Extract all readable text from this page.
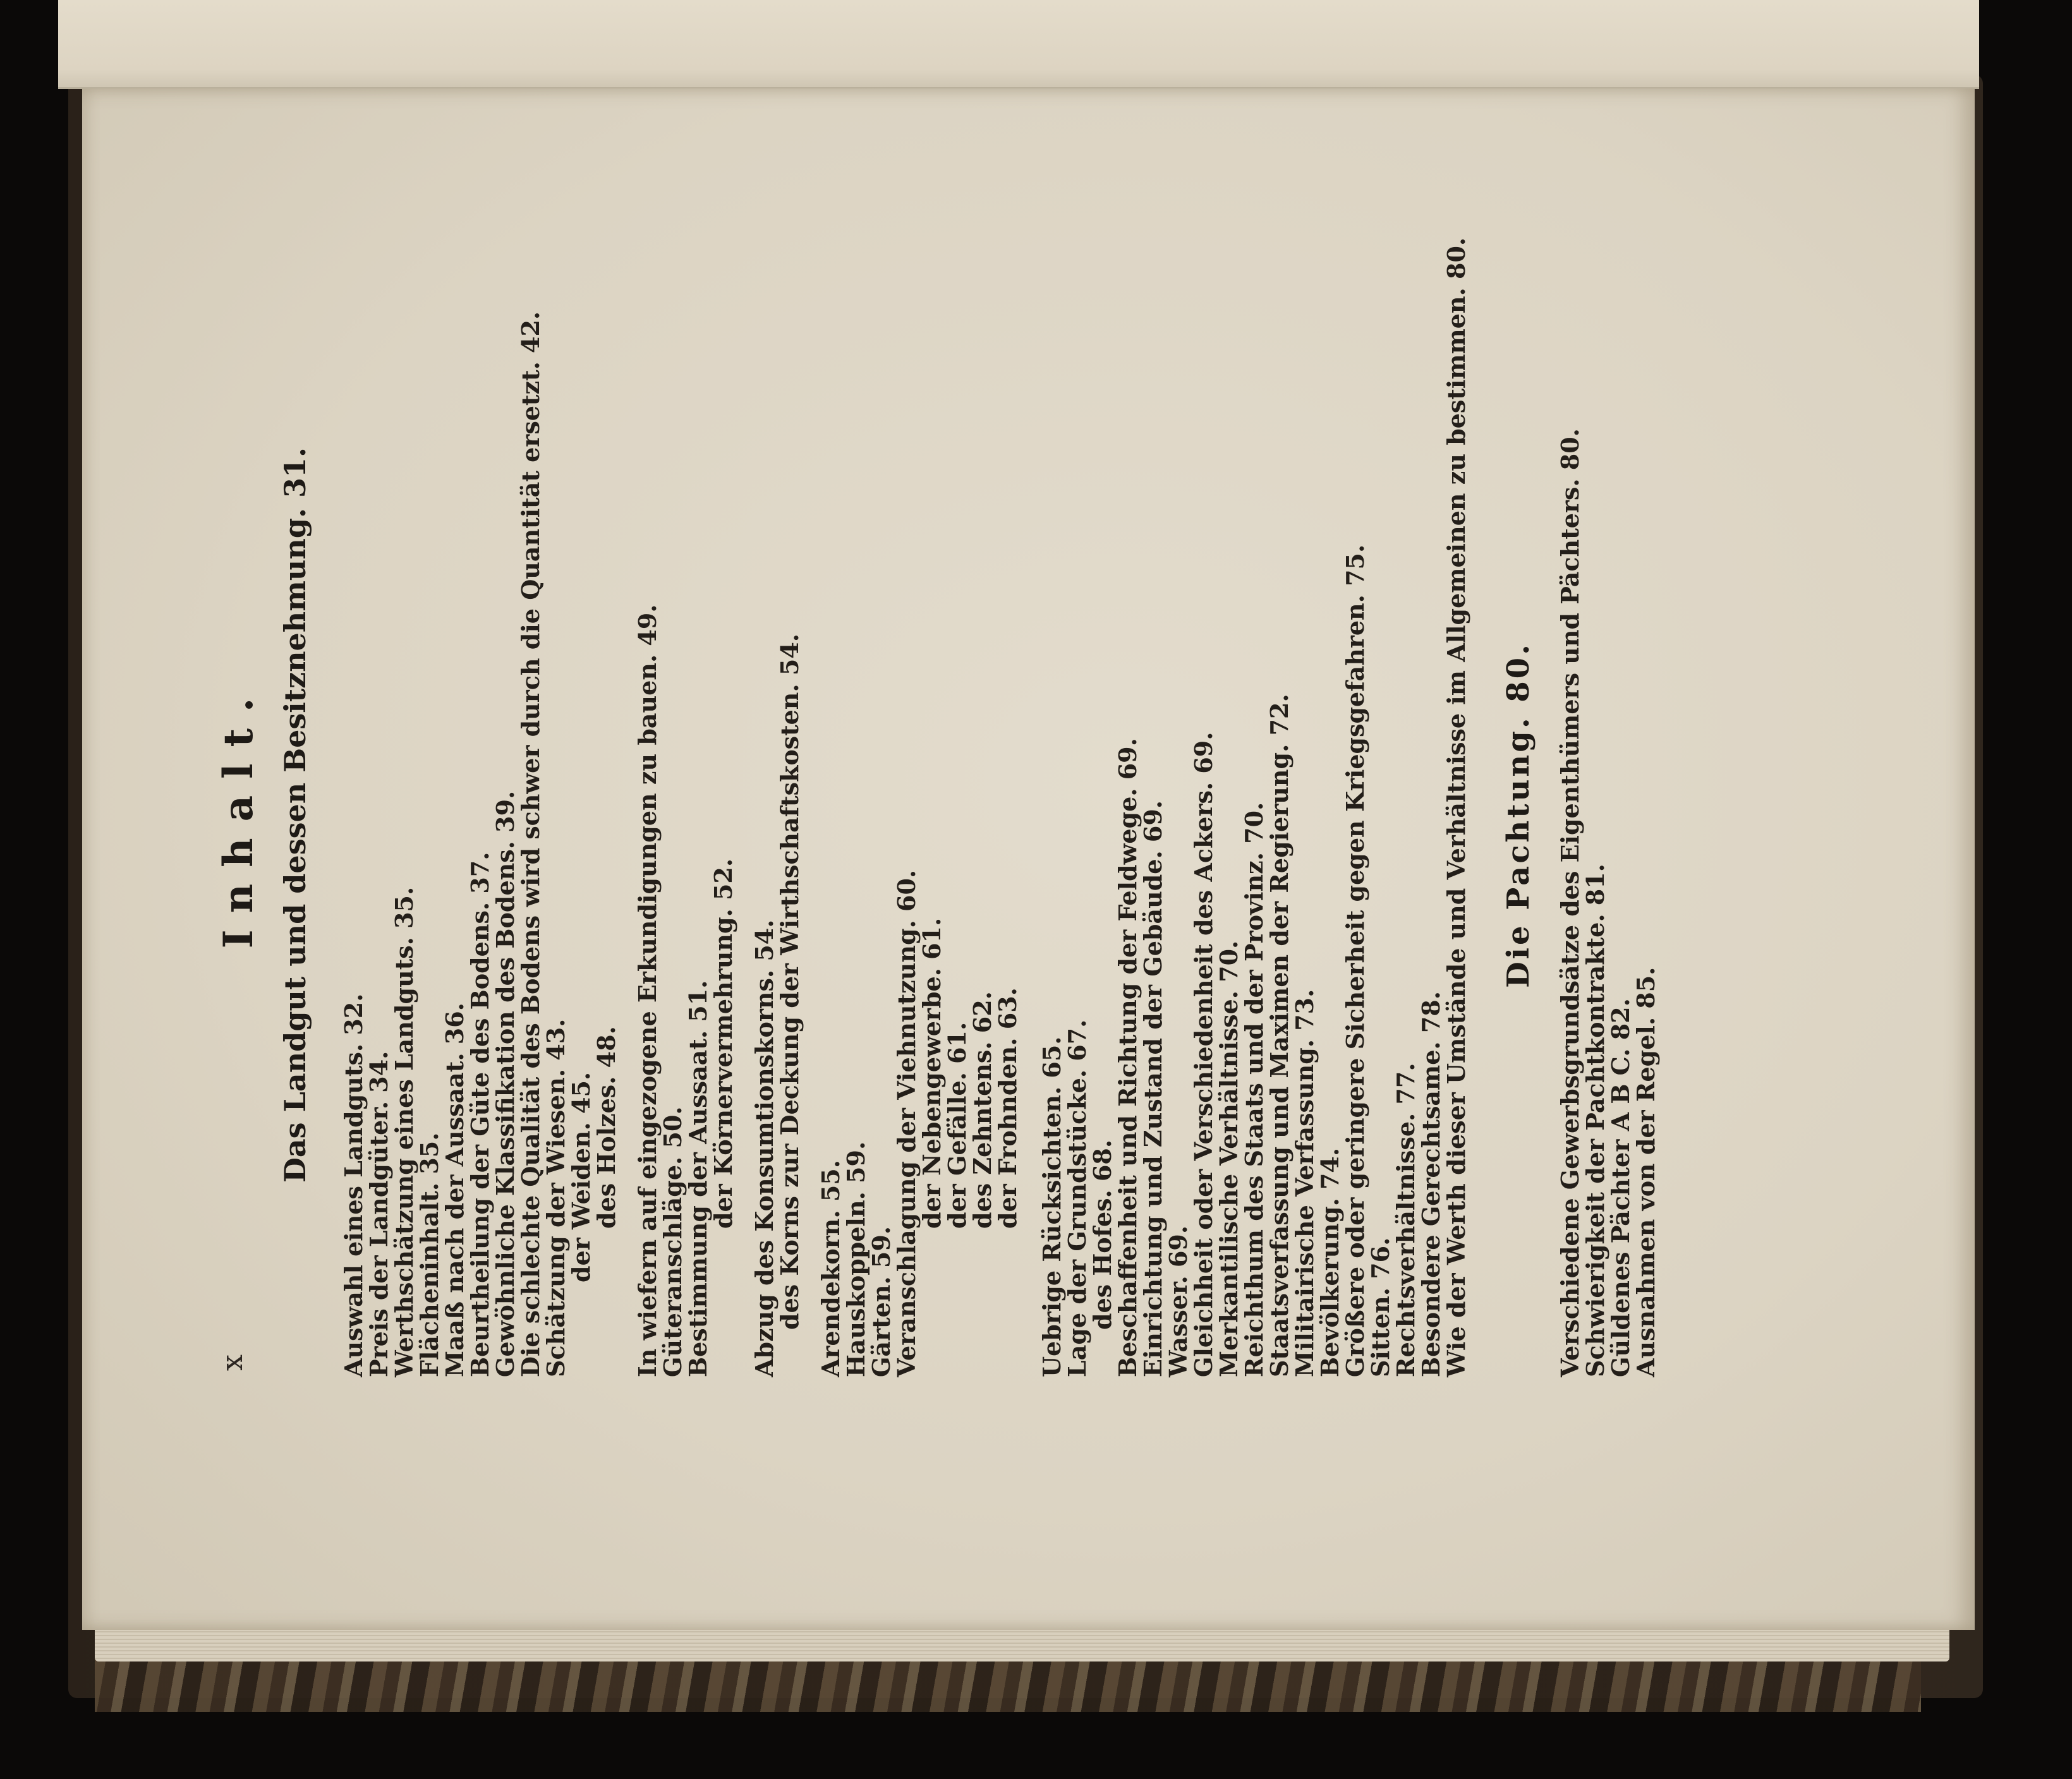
x
Inhalt. Das Landgut und dessen Besitznehmung. 31.
Auswahl eines Landguts. 32.
Preis der Landgüter. 34.
Werthschätzung eines Landguts. 35.
Flächeninhalt. 35.
Maaß nach der Aussaat. 36.
Beurtheilung der Güte des Bodens. 37.
Gewöhnliche Klassifikation des Bodens. 39.
Die schlechte Qualität des Bodens wird schwer durch die Quantität ersetzt. 42.
Schätzung der Wiesen. 43.
der Weiden. 45.
des Holzes. 48. In wiefern auf eingezogene Erkundigungen zu bauen. 49.
Güteranschläge. 50.
Bestimmung der Aussaat. 51.
der Körnervermehrung. 52. Abzug des Konsumtionskorns. 54.
des Korns zur Deckung der Wirthschaftskosten. 54. Arendekorn. 55.
Hauskoppeln. 59.
Gärten. 59.
Veranschlagung der Viehnutzung. 60.
der Nebengewerbe. 61.
der Gefälle. 61.
des Zehntens. 62.
der Frohnden. 63. Uebrige Rücksichten. 65.
Lage der Grundstücke. 67.
des Hofes. 68.
Beschaffenheit und Richtung der Feldwege. 69.
Einrichtung und Zustand der Gebäude. 69.
Wasser. 69.
Gleichheit oder Verschiedenheit des Ackers. 69.
Merkantilische Verhältnisse. 70.
Reichthum des Staats und der Provinz. 70.
Staatsverfassung und Maximen der Regierung. 72.
Militairische Verfassung. 73.
Bevölkerung. 74.
Größere oder geringere Sicherheit gegen Kriegsgefahren. 75.
Sitten. 76.
Rechtsverhältnisse. 77.
Besondere Gerechtsame. 78.
Wie der Werth dieser Umstände und Verhältnisse im Allgemeinen zu bestimmen. 80. Die Pachtung. 80. Verschiedene Gewerbsgrundsätze des Eigenthümers und Pächters. 80.
Schwierigkeit der Pachtkontrakte. 81.
Güldenes Pächter A B C. 82.
Ausnahmen von der Regel. 85.
